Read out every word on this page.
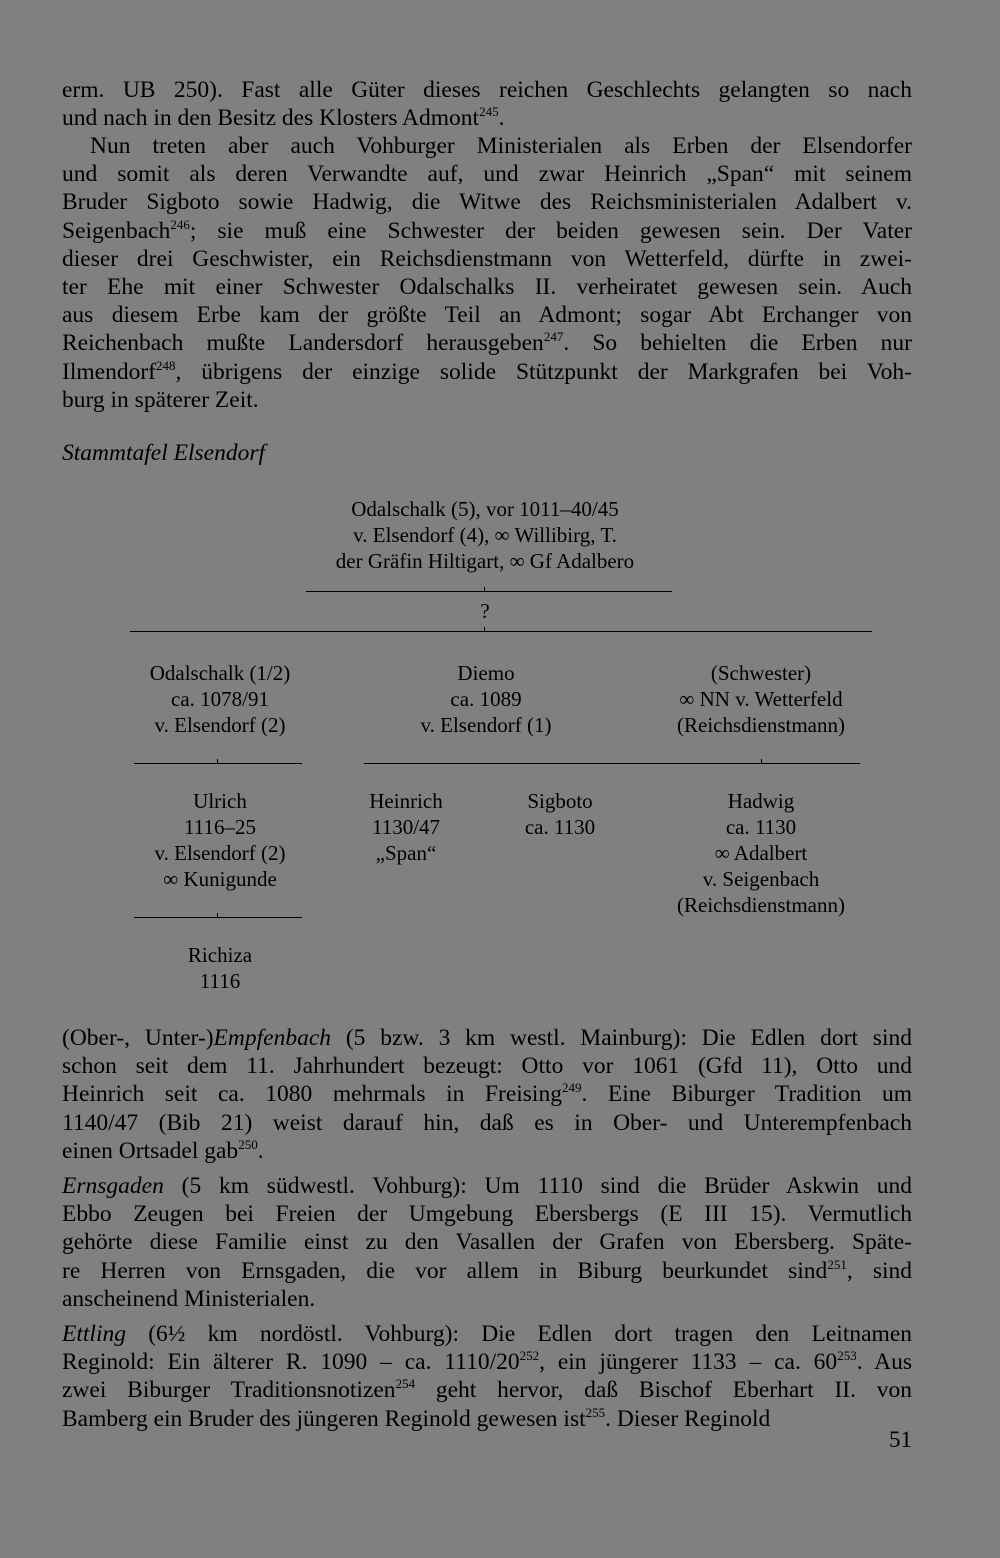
erm. UB 250). Fast alle Güter dieses reichen Geschlechts gelangten so nach
und nach in den Besitz des Klosters Admont$^{245}$.
Nun treten aber auch Vohburger Ministerialen als Erben der Elsendorfer
und somit als deren Verwandte auf, und zwar Heinrich „Span“ mit seinem
Bruder Sigboto sowie Hadwig, die Witwe des Reichsministerialen Adalbert v.
Seigenbach$^{246}$; sie muß eine Schwester der beiden gewesen sein. Der Vater
dieser drei Geschwister, ein Reichsdienstmann von Wetterfeld, dürfte in zwei-
ter Ehe mit einer Schwester Odalschalks II. verheiratet gewesen sein. Auch
aus diesem Erbe kam der größte Teil an Admont; sogar Abt Erchanger von
Reichenbach mußte Landersdorf herausgeben$^{247}$. So behielten die Erben nur
Ilmendorf$^{248}$, übrigens der einzige solide Stützpunkt der Markgrafen bei Voh-
burg in späterer Zeit.
Stammtafel Elsendorf
Odalschalk (5), vor 1011–40/45
v. Elsendorf (4), ∞ Willibirg, T.
der Gräfin Hiltigart, ∞ Gf Adalbero
?
Odalschalk (1/2)
ca. 1078/91
v. Elsendorf (2)
Diemo
ca. 1089
v. Elsendorf (1)
(Schwester)
∞ NN v. Wetterfeld
(Reichsdienstmann)
Ulrich
1116–25
v. Elsendorf (2)
∞ Kunigunde
Heinrich
1130/47
„Span“
Sigboto
ca. 1130
Hadwig
ca. 1130
∞ Adalbert
v. Seigenbach
(Reichsdienstmann)
Richiza
1116
(Ober-, Unter-)Empfenbach (5 bzw. 3 km westl. Mainburg): Die Edlen dort sind
schon seit dem 11. Jahrhundert bezeugt: Otto vor 1061 (Gfd 11), Otto und
Heinrich seit ca. 1080 mehrmals in Freising$^{249}$. Eine Biburger Tradition um
1140/47 (Bib 21) weist darauf hin, daß es in Ober- und Unterempfenbach
einen Ortsadel gab$^{250}$.
Ernsgaden (5 km südwestl. Vohburg): Um 1110 sind die Brüder Askwin und
Ebbo Zeugen bei Freien der Umgebung Ebersbergs (E III 15). Vermutlich
gehörte diese Familie einst zu den Vasallen der Grafen von Ebersberg. Späte-
re Herren von Ernsgaden, die vor allem in Biburg beurkundet sind$^{251}$, sind
anscheinend Ministerialen.
Ettling (6½ km nordöstl. Vohburg): Die Edlen dort tragen den Leitnamen
Reginold: Ein älterer R. 1090 – ca. $1110/20^{252}$, ein jüngerer 1133 – ca. $60^{253}$. Aus
zwei Biburger Traditionsnotizen$^{254}$ geht hervor, daß Bischof Eberhart II. von
Bamberg ein Bruder des jüngeren Reginold gewesen ist$^{255}$. Dieser Reginold
51
